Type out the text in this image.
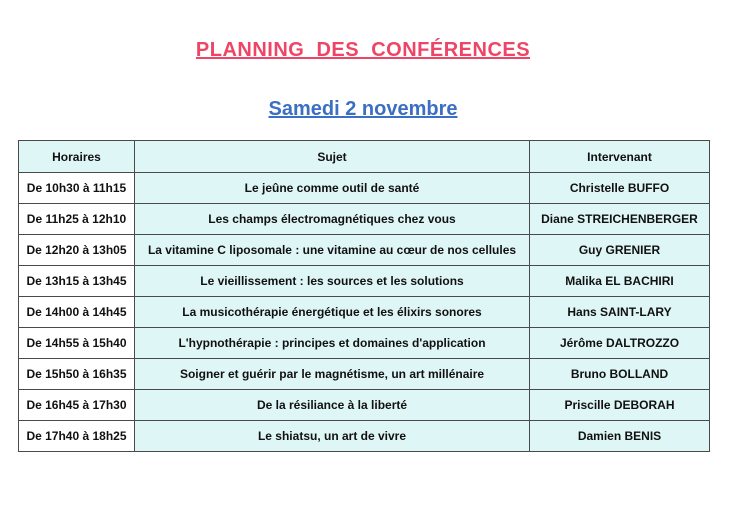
PLANNING  DES  CONFÉRENCES
Samedi 2 novembre
Horaires	Sujet	Intervenant
De 10h30 à 11h15	Le jeûne comme outil de santé	Christelle BUFFO
De 11h25 à 12h10	Les champs électromagnétiques chez vous	Diane STREICHENBERGER
De 12h20 à 13h05	La vitamine C liposomale : une vitamine au cœur de nos cellules	Guy GRENIER
De 13h15 à 13h45	Le vieillissement : les sources et les solutions	Malika EL BACHIRI
De 14h00 à 14h45	La musicothérapie énergétique et les élixirs sonores	Hans SAINT-LARY
De 14h55 à 15h40	L'hypnothérapie : principes et domaines d'application	Jérôme DALTROZZO
De 15h50 à 16h35	Soigner et guérir par le magnétisme, un art millénaire	Bruno BOLLAND
De 16h45 à 17h30	De la résiliance à la liberté	Priscille DEBORAH
De 17h40 à 18h25	Le shiatsu, un art de vivre	Damien BENIS
